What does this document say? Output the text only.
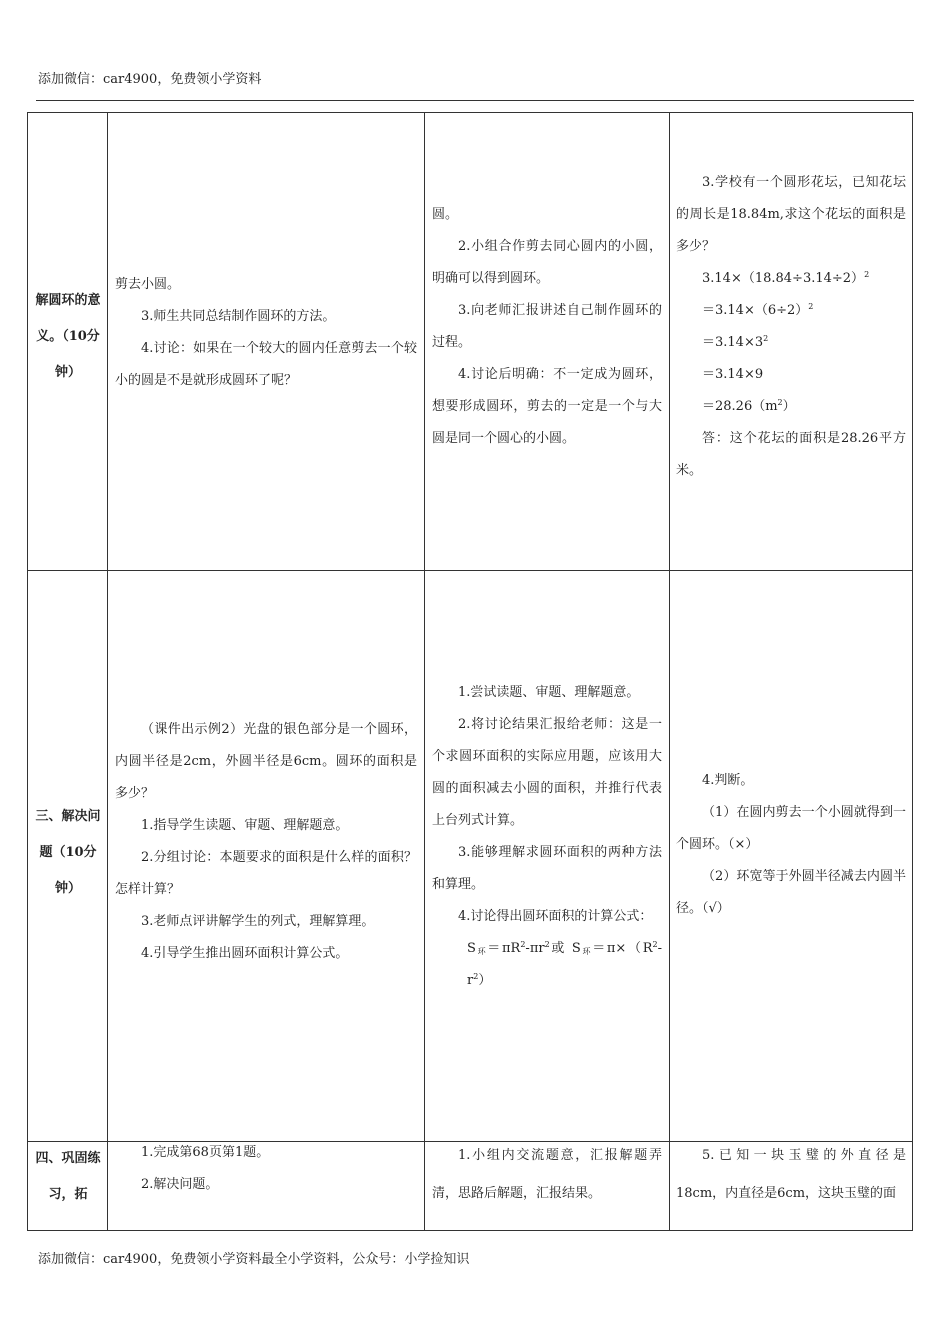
添加微信：car4900，免费领小学资料
解圆环的意义。（10分钟）

剪去小圆。

3.师生共同总结制作圆环的方法。

4.讨论：如果在一个较大的圆内任意剪去一个较小的圆是不是就形成圆环了呢？

圆。

2.小组合作剪去同心圆内的小圆，明确可以得到圆环。

3.向老师汇报讲述自己制作圆环的过程。

4.讨论后明确：不一定成为圆环，想要形成圆环，剪去的一定是一个与大圆是同一个圆心的小圆。

3.学校有一个圆形花坛，已知花坛的周长是18.84m,求这个花坛的面积是多少？

$3.14\times(18.84\div 3.14\div 2)^2$

$=3.14\times(6\div 2)^2$

$=3.14\times 3^2$

＝3.14×9

$=28.26(m^2)$

答：这个花坛的面积是28.26平方米。

三、解决问题（10分钟）

（课件出示例2）光盘的银色部分是一个圆环，内圆半径是2cm，外圆半径是6cm。圆环的面积是多少？

1.指导学生读题、审题、理解题意。

2.分组讨论：本题要求的面积是什么样的面积？怎样计算？

3.老师点评讲解学生的列式，理解算理。

4.引导学生推出圆环面积计算公式。

1.尝试读题、审题、理解题意。

2.将讨论结果汇报给老师：这是一个求圆环面积的实际应用题，应该用大圆的面积减去小圆的面积，并推行代表上台列式计算。

3.能够理解求圆环面积的两种方法和算理。

4.讨论得出圆环面积的计算公式：

$S_环=\pi R^2-\pi r^2$或 $S_环=\pi\times(R^2-r^2)$

4.判断。

（1）在圆内剪去一个小圆就得到一个圆环。（×）

（2）环宽等于外圆半径减去内圆半径。（√）

四、巩固练习，拓

1.完成第68页第1题。

2.解决问题。

1.小组内交流题意，汇报解题弄清，思路后解题，汇报结果。

5.已知一块玉璧的外直径是18cm，内直径是6cm，这块玉璧的面

添加微信：car4900，免费领小学资料最全小学资料，公众号：小学捡知识
